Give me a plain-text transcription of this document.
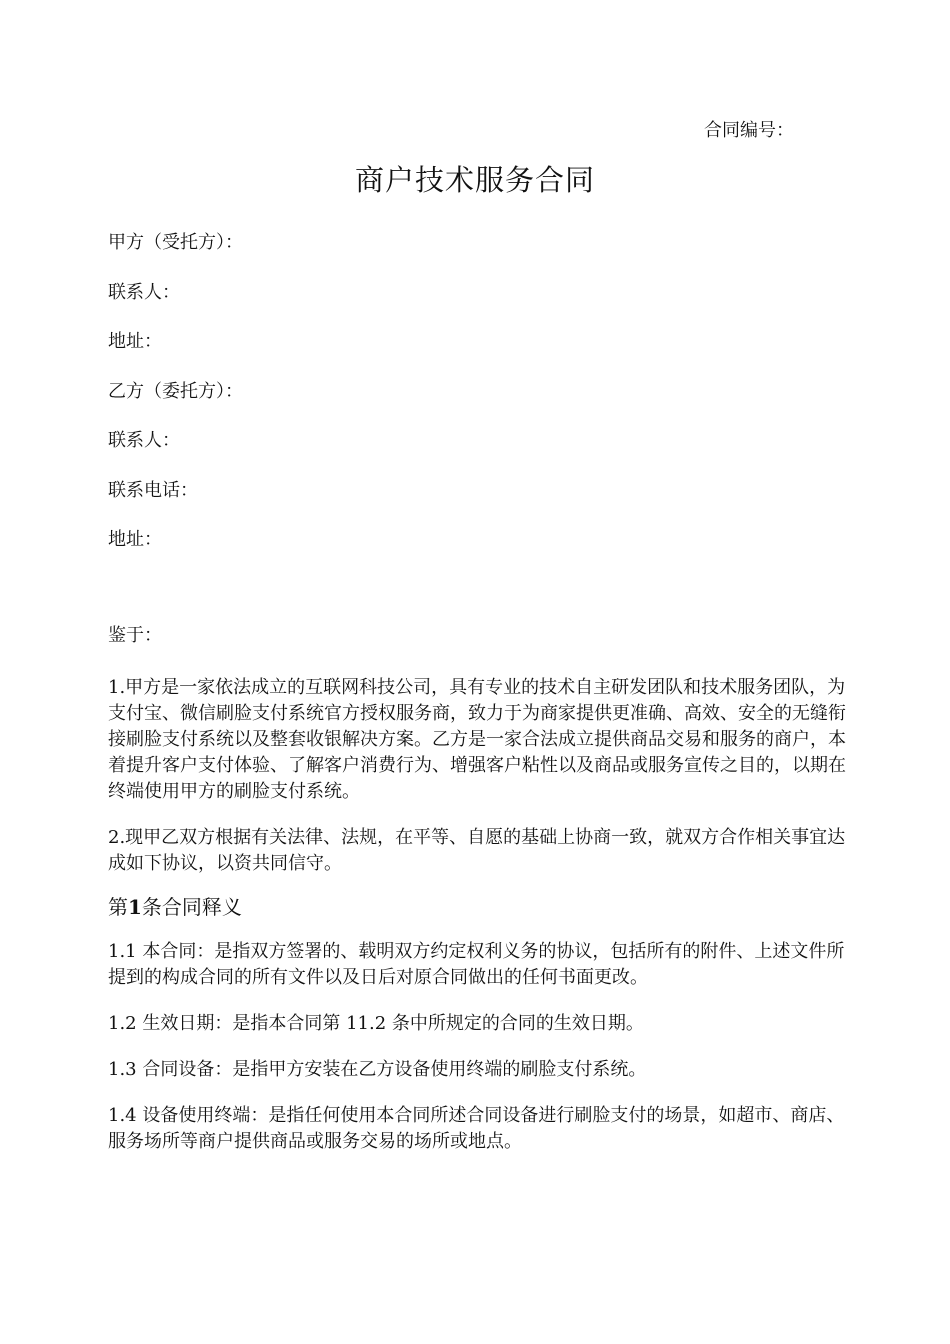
合同编号：
商户技术服务合同
甲方（受托方）：
联系人：
地址：
乙方（委托方）：
联系人：
联系电话：
地址：

鉴于：

1.甲方是一家依法成立的互联网科技公司，具有专业的技术自主研发团队和技术服务团队，为支付宝、微信刷脸支付系统官方授权服务商，致力于为商家提供更准确、高效、安全的无缝衔接刷脸支付系统以及整套收银解决方案。乙方是一家合法成立提供商品交易和服务的商户，本着提升客户支付体验、了解客户消费行为、增强客户粘性以及商品或服务宣传之目的，以期在终端使用甲方的刷脸支付系统。

2.现甲乙双方根据有关法律、法规，在平等、自愿的基础上协商一致，就双方合作相关事宜达成如下协议，以资共同信守。

第1条合同释义

1.1 本合同：是指双方签署的、载明双方约定权利义务的协议，包括所有的附件、上述文件所提到的构成合同的所有文件以及日后对原合同做出的任何书面更改。

1.2 生效日期：是指本合同第 11.2 条中所规定的合同的生效日期。

1.3 合同设备：是指甲方安装在乙方设备使用终端的刷脸支付系统。

1.4 设备使用终端：是指任何使用本合同所述合同设备进行刷脸支付的场景，如超市、商店、服务场所等商户提供商品或服务交易的场所或地点。
